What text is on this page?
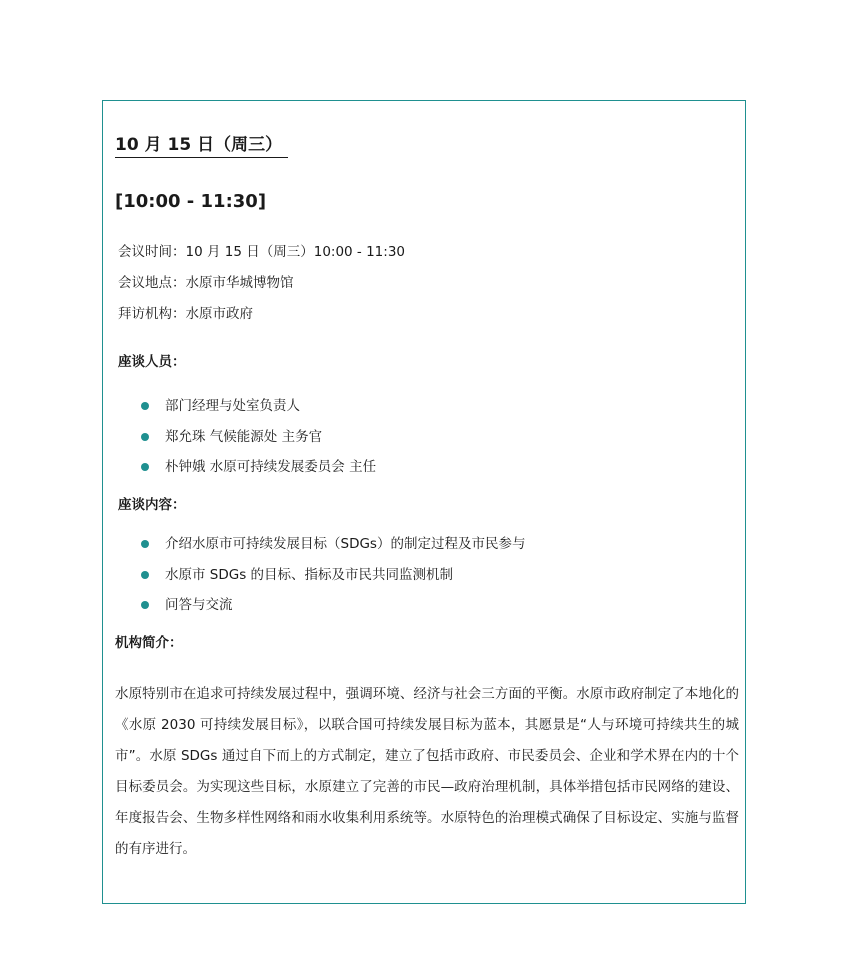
10 月 15 日（周三）
[10:00 - 11:30]
会议时间：10 月 15 日（周三）10:00 - 11:30
会议地点：水原市华城博物馆
拜访机构：水原市政府
座谈人员：
部门经理与处室负责人
郑允珠 气候能源处 主务官
朴钟娥 水原可持续发展委员会 主任
座谈内容：
介绍水原市可持续发展目标（SDGs）的制定过程及市民参与
水原市 SDGs 的目标、指标及市民共同监测机制
问答与交流
机构简介：
水原特别市在追求可持续发展过程中，强调环境、经济与社会三方面的平衡。水原市政府制定了本地化的《水原 2030 可持续发展目标》，以联合国可持续发展目标为蓝本，其愿景是“人与环境可持续共生的城市”。水原 SDGs 通过自下而上的方式制定，建立了包括市政府、市民委员会、企业和学术界在内的十个目标委员会。为实现这些目标，水原建立了完善的市民—政府治理机制，具体举措包括市民网络的建设、年度报告会、生物多样性网络和雨水收集利用系统等。水原特色的治理模式确保了目标设定、实施与监督的有序进行。
